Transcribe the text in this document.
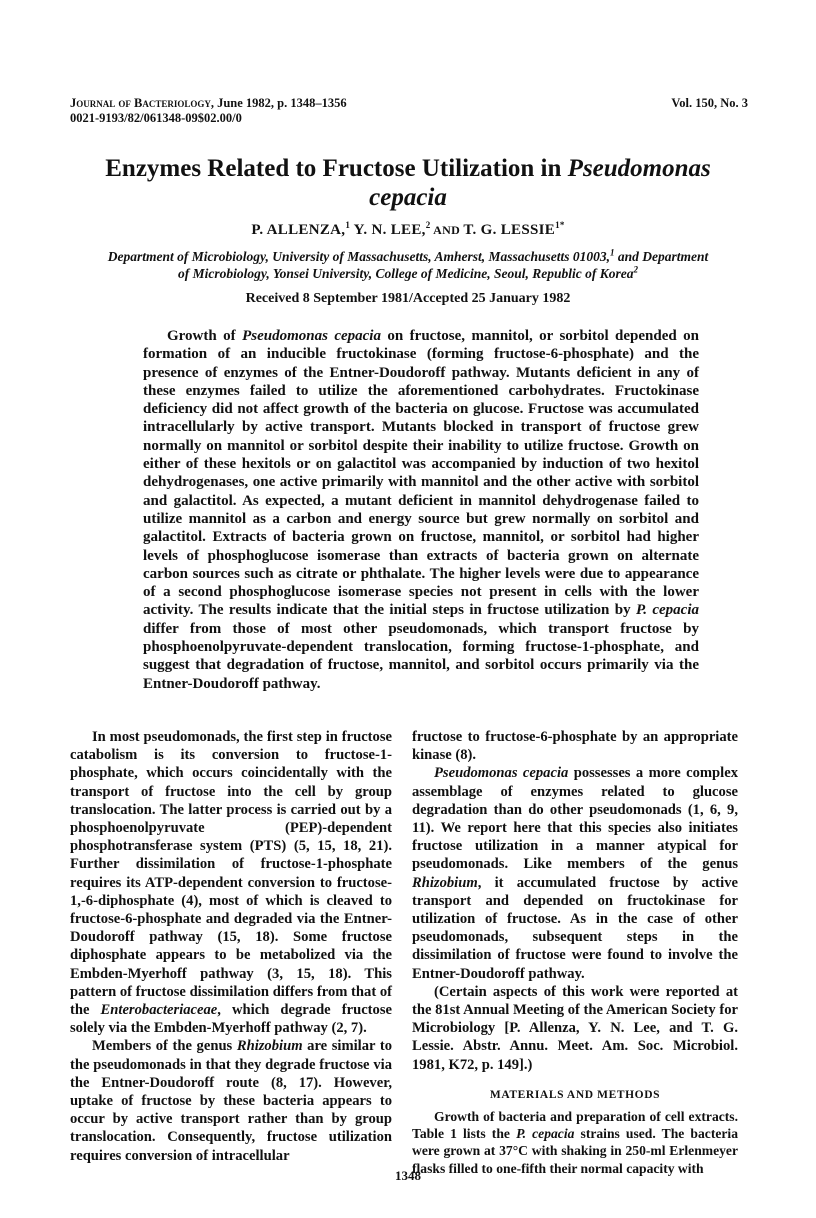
Journal of Bacteriology, June 1982, p. 1348–1356
0021-9193/82/061348-09$02.00/0
Vol. 150, No. 3
Enzymes Related to Fructose Utilization in Pseudomonas
cepacia
P. ALLENZA,$^1$ Y. N. LEE,$^2$ AND T. G. $LESSIE^{1*}$
Department of Microbiology, University of Massachusetts, Amherst, Massachusetts 01003,$^1$ and Department
of Microbiology, Yonsei University, College of Medicine, Seoul, Republic of Korea$^2$
Received 8 September 1981/Accepted 25 January 1982
Growth of Pseudomonas cepacia on fructose, mannitol, or sorbitol depended on formation of an inducible fructokinase (forming fructose-6-phosphate) and the presence of enzymes of the Entner-Doudoroff pathway. Mutants deficient in any of these enzymes failed to utilize the aforementioned carbohydrates. Fructokinase deficiency did not affect growth of the bacteria on glucose. Fructose was accumulated intracellularly by active transport. Mutants blocked in transport of fructose grew normally on mannitol or sorbitol despite their inability to utilize fructose. Growth on either of these hexitols or on galactitol was accompanied by induction of two hexitol dehydrogenases, one active primarily with mannitol and the other active with sorbitol and galactitol. As expected, a mutant deficient in mannitol dehydrogenase failed to utilize mannitol as a carbon and energy source but grew normally on sorbitol and galactitol. Extracts of bacteria grown on fructose, mannitol, or sorbitol had higher levels of phosphoglucose isomerase than extracts of bacteria grown on alternate carbon sources such as citrate or phthalate. The higher levels were due to appearance of a second phosphoglucose isomerase species not present in cells with the lower activity. The results indicate that the initial steps in fructose utilization by P. cepacia differ from those of most other pseudomonads, which transport fructose by phosphoenolpyruvate-dependent translocation, forming fructose-1-phosphate, and suggest that degradation of fructose, mannitol, and sorbitol occurs primarily via the Entner-Doudoroff pathway.

In most pseudomonads, the first step in fructose catabolism is its conversion to fructose-1-phosphate, which occurs coincidentally with the transport of fructose into the cell by group translocation. The latter process is carried out by a phosphoenolpyruvate (PEP)-dependent phosphotransferase system (PTS) (5, 15, 18, 21). Further dissimilation of fructose-1-phosphate requires its ATP-dependent conversion to fructose-1,-6-diphosphate (4), most of which is cleaved to fructose-6-phosphate and degraded via the Entner-Doudoroff pathway (15, 18). Some fructose diphosphate appears to be metabolized via the Embden-Myerhoff pathway (3, 15, 18). This pattern of fructose dissimilation differs from that of the Enterobacteriaceae, which degrade fructose solely via the Embden-Myerhoff pathway (2, 7).

Members of the genus Rhizobium are similar to the pseudomonads in that they degrade fructose via the Entner-Doudoroff route (8, 17). However, uptake of fructose by these bacteria appears to occur by active transport rather than by group translocation. Consequently, fructose utilization requires conversion of intracellular

fructose to fructose-6-phosphate by an appropriate kinase (8).

Pseudomonas cepacia possesses a more complex assemblage of enzymes related to glucose degradation than do other pseudomonads (1, 6, 9, 11). We report here that this species also initiates fructose utilization in a manner atypical for pseudomonads. Like members of the genus Rhizobium, it accumulated fructose by active transport and depended on fructokinase for utilization of fructose. As in the case of other pseudomonads, subsequent steps in the dissimilation of fructose were found to involve the Entner-Doudoroff pathway.

(Certain aspects of this work were reported at the 81st Annual Meeting of the American Society for Microbiology [P. Allenza, Y. N. Lee, and T. G. Lessie. Abstr. Annu. Meet. Am. Soc. Microbiol. 1981, K72, p. 149].)

MATERIALS AND METHODS

Growth of bacteria and preparation of cell extracts. Table 1 lists the P. cepacia strains used. The bacteria were grown at 37°C with shaking in 250-ml Erlenmeyer flasks filled to one-fifth their normal capacity with

1348
